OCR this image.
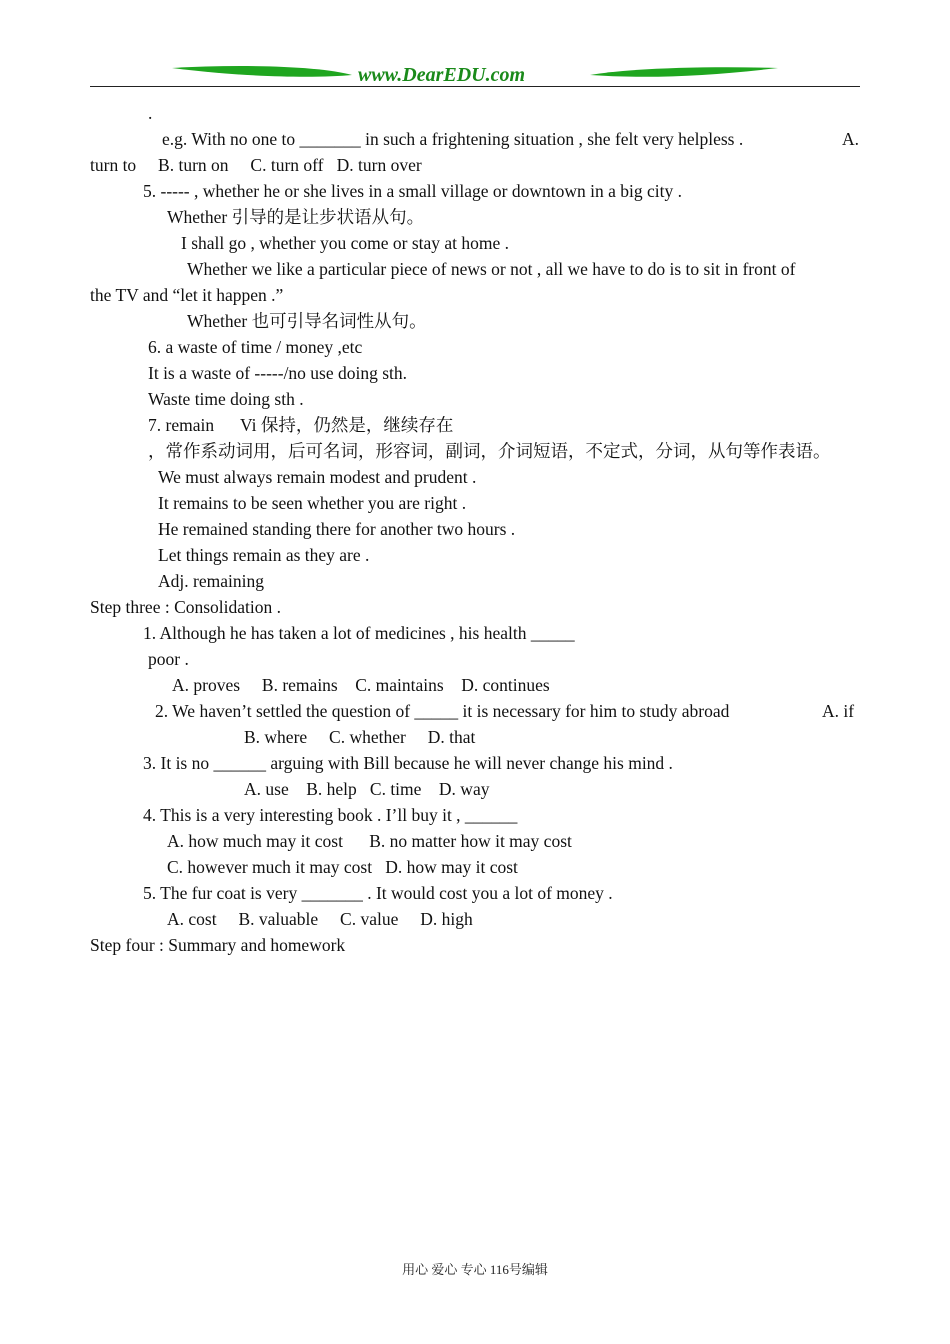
www.DearEDU.com
.
e.g. With no one to _______ in such a frightening situation , she felt very helpless .	A.
turn to     B. turn on     C. turn off   D. turn over
5. ----- , whether he or she lives in a small village or downtown in a big city .
Whether 引导的是让步状语从句。
I shall go , whether you come or stay at home .
Whether we like a particular piece of news or not , all we have to do is to sit in front of
the TV and “let it happen .”
Whether 也可引导名词性从句。
6. a waste of time / money ,etc
It is a waste of -----/no use doing sth.
Waste time doing sth .
7. remain      Vi 保持，仍然是，继续存在
，常作系动词用，后可名词，形容词，副词，介词短语，不定式，分词，从句等作表语。
We must always remain modest and prudent .
It remains to be seen whether you are right .
He remained standing there for another two hours .
Let things remain as they are .
Adj. remaining
Step three : Consolidation .
1. Although he has taken a lot of medicines , his health _____
poor .
A. proves     B. remains    C. maintains    D. continues
2. We haven’t settled the question of _____ it is necessary for him to study abroad	A. if
B. where     C. whether     D. that
3. It is no ______ arguing with Bill because he will never change his mind .
A. use    B. help   C. time    D. way
4. This is a very interesting book . I’ll buy it , ______
A. how much may it cost      B. no matter how it may cost
C. however much it may cost   D. how may it cost
5. The fur coat is very _______ . It would cost you a lot of money .
A. cost     B. valuable     C. value     D. high
Step four : Summary and homework
用心 爱心 专心 116号编辑
